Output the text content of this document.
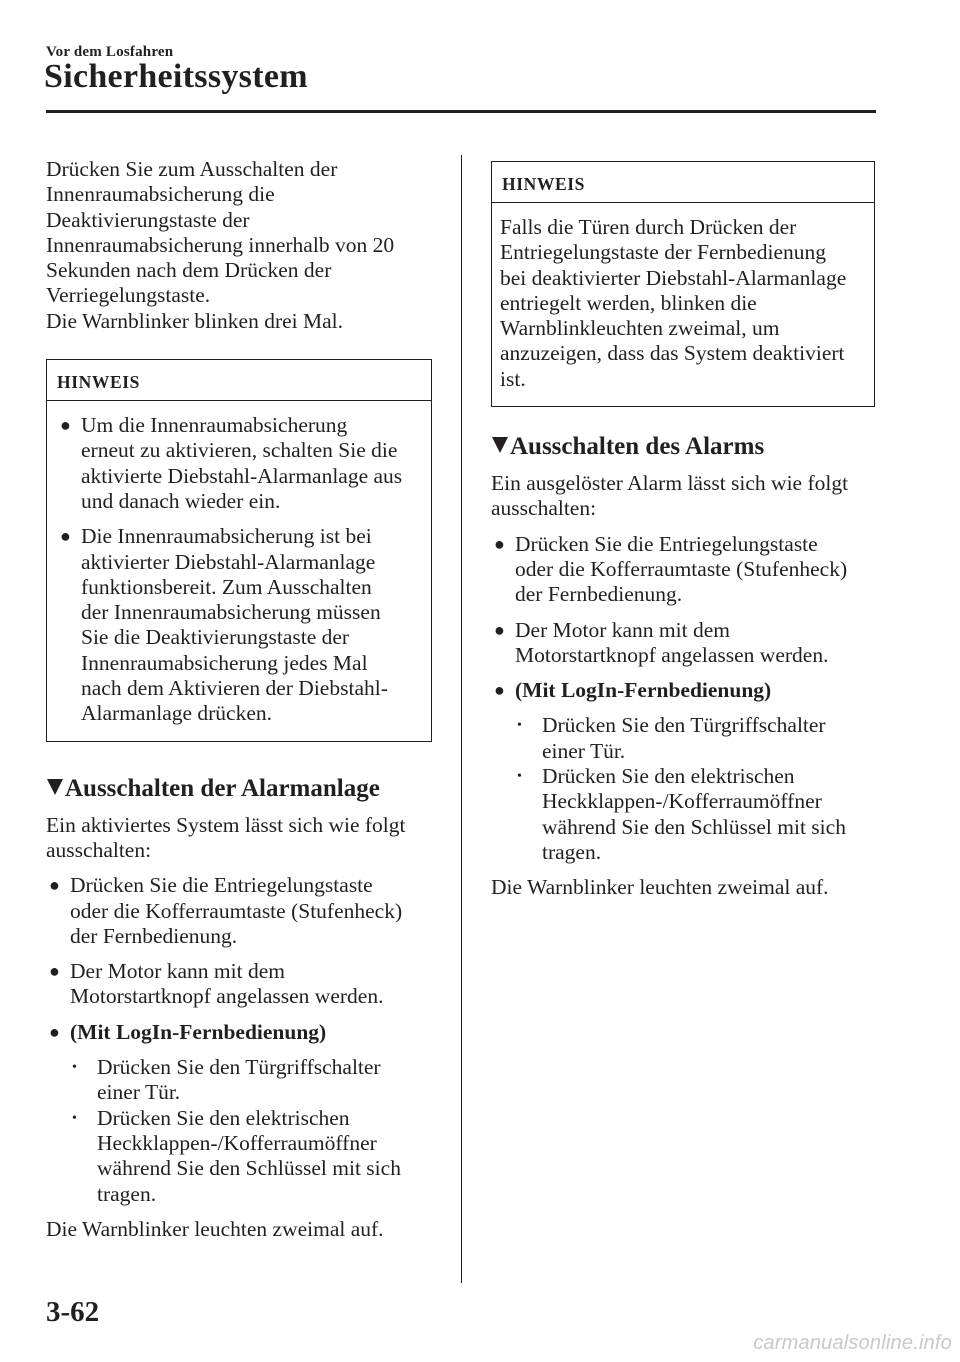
Vor dem Losfahren
Sicherheitssystem
Drücken Sie zum Ausschalten der
Innenraumabsicherung die
Deaktivierungstaste der
Innenraumabsicherung innerhalb von 20
Sekunden nach dem Drücken der
Verriegelungstaste.
Die Warnblinker blinken drei Mal.
HINWEIS
● Um die Innenraumabsicherung
erneut zu aktivieren, schalten Sie die
aktivierte Diebstahl-Alarmanlage aus
und danach wieder ein.
● Die Innenraumabsicherung ist bei
aktivierter Diebstahl-Alarmanlage
funktionsbereit. Zum Ausschalten
der Innenraumabsicherung müssen
Sie die Deaktivierungstaste der
Innenraumabsicherung jedes Mal
nach dem Aktivieren der Diebstahl-
Alarmanlage drücken.
Ausschalten der Alarmanlage
Ein aktiviertes System lässt sich wie folgt
ausschalten:
● Drücken Sie die Entriegelungstaste
oder die Kofferraumtaste (Stufenheck)
der Fernbedienung.
● Der Motor kann mit dem
Motorstartknopf angelassen werden.
● (Mit LogIn-Fernbedienung)
• Drücken Sie den Türgriffschalter
einer Tür.
• Drücken Sie den elektrischen
Heckklappen-/Kofferraumöffner
während Sie den Schlüssel mit sich
tragen.

Die Warnblinker leuchten zweimal auf.

HINWEIS
Falls die Türen durch Drücken der
Entriegelungstaste der Fernbedienung
bei deaktivierter Diebstahl-Alarmanlage
entriegelt werden, blinken die
Warnblinkleuchten zweimal, um
anzuzeigen, dass das System deaktiviert
ist.
Ausschalten des Alarms
Ein ausgelöster Alarm lässt sich wie folgt
ausschalten:
● Drücken Sie die Entriegelungstaste
oder die Kofferraumtaste (Stufenheck)
der Fernbedienung.
● Der Motor kann mit dem
Motorstartknopf angelassen werden.
● (Mit LogIn-Fernbedienung)
• Drücken Sie den Türgriffschalter
einer Tür.
• Drücken Sie den elektrischen
Heckklappen-/Kofferraumöffner
während Sie den Schlüssel mit sich
tragen.

Die Warnblinker leuchten zweimal auf.

3-62
carmanualsonline.info
